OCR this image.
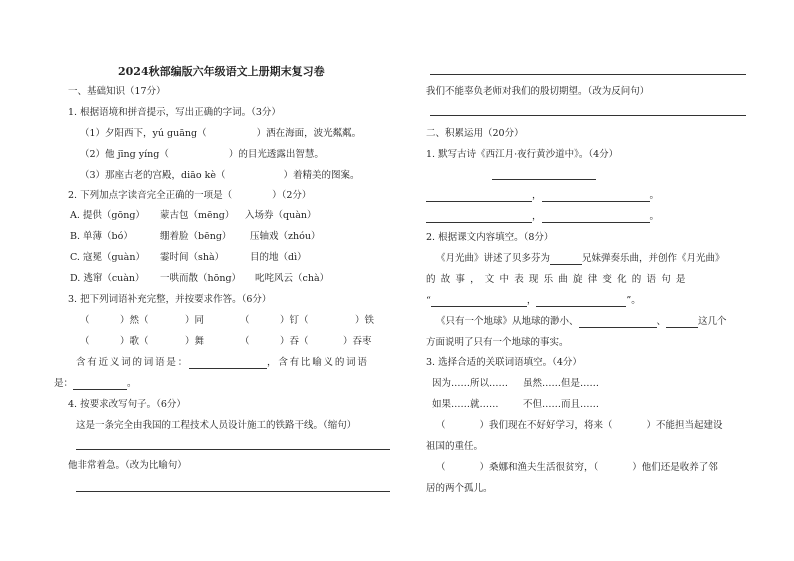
2024秋部编版六年级语文上册期末复习卷
一、基础知识（17分）
1. 根据语境和拼音提示，写出正确的字词。（3分）
（1）夕阳西下，yú guāng（	）洒在海面，波光粼粼。
（2）他 jīng yíng（	）的目光透露出智慧。
（3）那座古老的宫殿，diāo kè（	）着精美的图案。
2. 下列加点字读音完全正确的一项是（	）（2分）
A. 提供（gōng） 蒙古包（mēng） 入场券（quàn）
B. 单薄（bó）	绷着脸（bēng） 压轴戏（zhóu）
C. 寇冕（guàn） 霎时间（shà）	目的地（dì）
D. 逃窜（cuàn） 一哄而散（hōng） 叱咤风云（chà）
3. 把下列词语补充完整，并按要求作答。（6分）
（	）然（	）同	（	）钉（	）铁
（	）歌（	）舞	（	）吞（	）吞枣
含有近义词的词语是：	，含有比喻义的词语
是：	。
4. 按要求改写句子。（6分）
这是一条完全由我国的工程技术人员设计施工的铁路干线。（缩句）
他非常着急。（改为比喻句）
我们不能辜负老师对我们的殷切期望。（改为反问句）
二、积累运用（20分）
1. 默写古诗《西江月·夜行黄沙道中》。（4分）
，	。
，	。
2. 根据课文内容填空。（8分）
《月光曲》讲述了贝多芬为	兄妹弹奏乐曲，并创作《月光曲》
的故事，文中表现乐曲旋律变化的语句是
“	，	”。
《只有一个地球》从地球的渺小、	、	这几个
方面说明了只有一个地球的事实。
3. 选择合适的关联词语填空。（4分）
因为……所以…… 虽然……但是……
如果……就……	不但……而且……
（	）我们现在不好好学习，将来（	）不能担当起建设
祖国的重任。
（	）桑娜和渔夫生活很贫穷，（	）他们还是收养了邻
居的两个孤儿。
